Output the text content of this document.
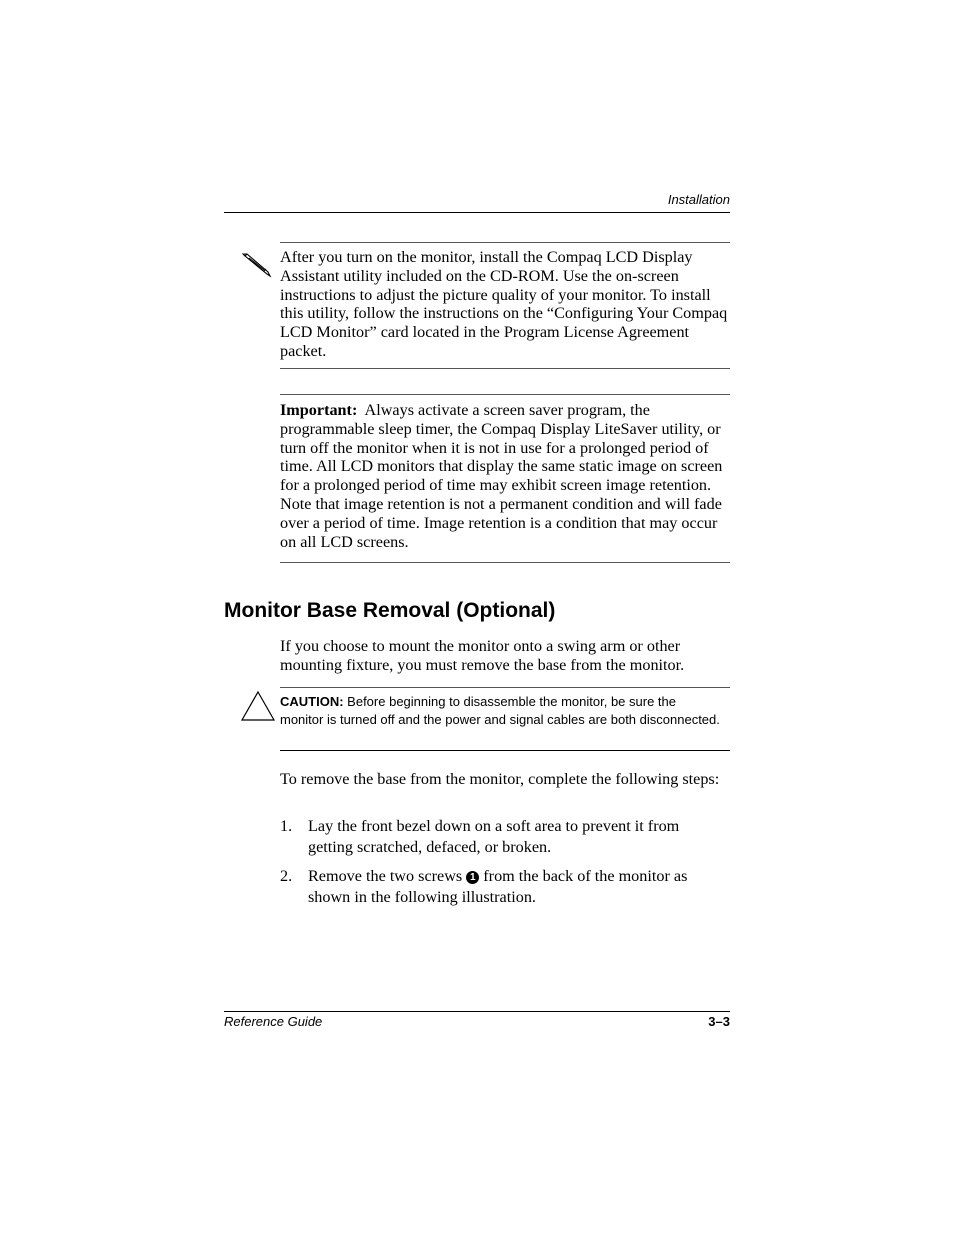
Installation
After you turn on the monitor, install the Compaq LCD Display Assistant utility included on the CD-ROM. Use the on-screen instructions to adjust the picture quality of your monitor. To install this utility, follow the instructions on the “Configuring Your Compaq LCD Monitor” card located in the Program License Agreement packet.
Important: Always activate a screen saver program, the programmable sleep timer, the Compaq Display LiteSaver utility, or turn off the monitor when it is not in use for a prolonged period of time. All LCD monitors that display the same static image on screen for a prolonged period of time may exhibit screen image retention. Note that image retention is not a permanent condition and will fade over a period of time. Image retention is a condition that may occur on all LCD screens.
Monitor Base Removal (Optional)
If you choose to mount the monitor onto a swing arm or other mounting fixture, you must remove the base from the monitor.
CAUTION: Before beginning to disassemble the monitor, be sure the monitor is turned off and the power and signal cables are both disconnected.
To remove the base from the monitor, complete the following steps:
1. Lay the front bezel down on a soft area to prevent it from getting scratched, defaced, or broken.
2. Remove the two screws 1 from the back of the monitor as shown in the following illustration.
Reference Guide	3–3
